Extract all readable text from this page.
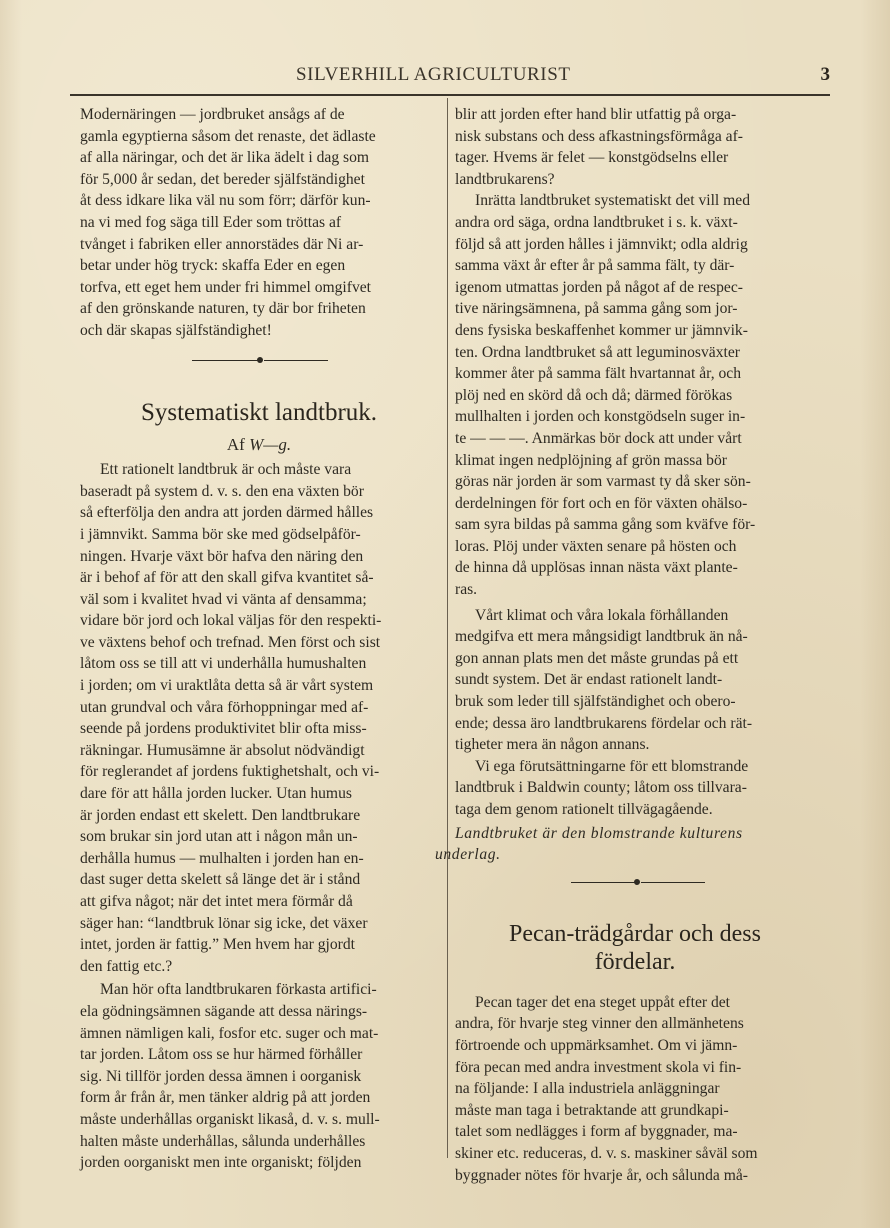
SILVERHILL AGRICULTURIST	3

Modernäringen — jordbruket ansågs af de
gamla egyptierna såsom det renaste, det ädlaste
af alla näringar, och det är lika ädelt i dag som
för 5,000 år sedan, det bereder själfständighet
åt dess idkare lika väl nu som förr; därför kun-
na vi med fog säga till Eder som tröttas af
tvånget i fabriken eller annorstädes där Ni ar-
betar under hög tryck: skaffa Eder en egen
torfva, ett eget hem under fri himmel omgifvet
af den grönskande naturen, ty där bor friheten
och där skapas själfständighet!

Systematiskt landtbruk.
Af W—g.

Ett rationelt landtbruk är och måste vara
baseradt på system d. v. s. den ena växten bör
så efterfölja den andra att jorden därmed hålles
i jämnvikt. Samma bör ske med gödselpåför-
ningen. Hvarje växt bör hafva den näring den
är i behof af för att den skall gifva kvantitet så-
väl som i kvalitet hvad vi vänta af densamma;
vidare bör jord och lokal väljas för den respekti-
ve växtens behof och trefnad. Men först och sist
låtom oss se till att vi underhålla humushalten
i jorden; om vi uraktlåta detta så är vårt system
utan grundval och våra förhoppningar med af-
seende på jordens produktivitet blir ofta miss-
räkningar. Humusämne är absolut nödvändigt
för reglerandet af jordens fuktighetshalt, och vi-
dare för att hålla jorden lucker. Utan humus
är jorden endast ett skelett. Den landtbrukare
som brukar sin jord utan att i någon mån un-
derhålla humus — mulhalten i jorden han en-
dast suger detta skelett så länge det är i stånd
att gifva något; när det intet mera förmår då
säger han: “landtbruk lönar sig icke, det växer
intet, jorden är fattig.” Men hvem har gjordt
den fattig etc.?

Man hör ofta landtbrukaren förkasta artifici-
ela gödningsämnen sägande att dessa närings-
ämnen nämligen kali, fosfor etc. suger och mat-
tar jorden. Låtom oss se hur härmed förhåller
sig. Ni tillför jorden dessa ämnen i oorganisk
form år från år, men tänker aldrig på att jorden
måste underhållas organiskt likaså, d. v. s. mull-
halten måste underhållas, sålunda underhålles
jorden oorganiskt men inte organiskt; följden

blir att jorden efter hand blir utfattig på orga-
nisk substans och dess afkastningsförmåga af-
tager. Hvems är felet — konstgödselns eller
landtbrukarens?

Inrätta landtbruket systematiskt det vill med
andra ord säga, ordna landtbruket i s. k. växt-
följd så att jorden hålles i jämnvikt; odla aldrig
samma växt år efter år på samma fält, ty där-
igenom utmattas jorden på något af de respec-
tive näringsämnena, på samma gång som jor-
dens fysiska beskaffenhet kommer ur jämnvik-
ten. Ordna landtbruket så att leguminosväxter
kommer åter på samma fält hvartannat år, och
plöj ned en skörd då och då; därmed förökas
mullhalten i jorden och konstgödseln suger in-
te — — —. Anmärkas bör dock att under vårt
klimat ingen nedplöjning af grön massa bör
göras när jorden är som varmast ty då sker sön-
derdelningen för fort och en för växten ohälso-
sam syra bildas på samma gång som kväfve för-
loras. Plöj under växten senare på hösten och
de hinna då upplösas innan nästa växt plante-
ras.

Vårt klimat och våra lokala förhållanden
medgifva ett mera mångsidigt landtbruk än nå-
gon annan plats men det måste grundas på ett
sundt system. Det är endast rationelt landt-
bruk som leder till själfständighet och obero-
ende; dessa äro landtbrukarens fördelar och rät-
tigheter mera än någon annans.

Vi ega förutsättningarne för ett blomstrande
landtbruk i Baldwin county; låtom oss tillvara-
taga dem genom rationelt tillvägagående.

Landtbruket är den blomstrande kulturens
underlag.

Pecan-trädgårdar och dess
fördelar.

Pecan tager det ena steget uppåt efter det
andra, för hvarje steg vinner den allmänhetens
förtroende och uppmärksamhet. Om vi jämn-
föra pecan med andra investment skola vi fin-
na följande: I alla industriela anläggningar
måste man taga i betraktande att grundkapi-
talet som nedlägges i form af byggnader, ma-
skiner etc. reduceras, d. v. s. maskiner såväl som
byggnader nötes för hvarje år, och sålunda må-
